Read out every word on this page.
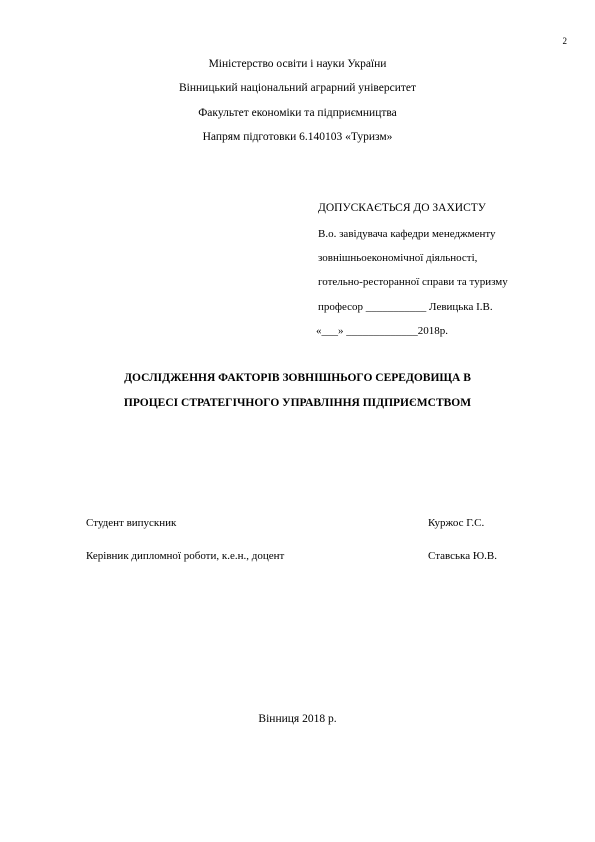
2
Міністерство освіти і науки України
Вінницький національний аграрний університет
Факультет економіки та підприємництва
Напрям підготовки 6.140103 «Туризм»
ДОПУСКАЄТЬСЯ ДО ЗАХИСТУ
В.о. завідувача кафедри менеджменту
зовнішньоекономічної діяльності,
готельно-ресторанної справи та туризму
професор ___________ Левицька І.В.
«___» _____________2018р.
ДОСЛІДЖЕННЯ ФАКТОРІВ ЗОВНІШНЬОГО СЕРЕДОВИЩА В
ПРОЦЕСІ СТРАТЕГІЧНОГО УПРАВЛІННЯ ПІДПРИЄМСТВОМ
Студент випускник	Куржос Г.С.
Керівник дипломної роботи, к.е.н., доцент	Ставська Ю.В.
Вінниця 2018 р.
